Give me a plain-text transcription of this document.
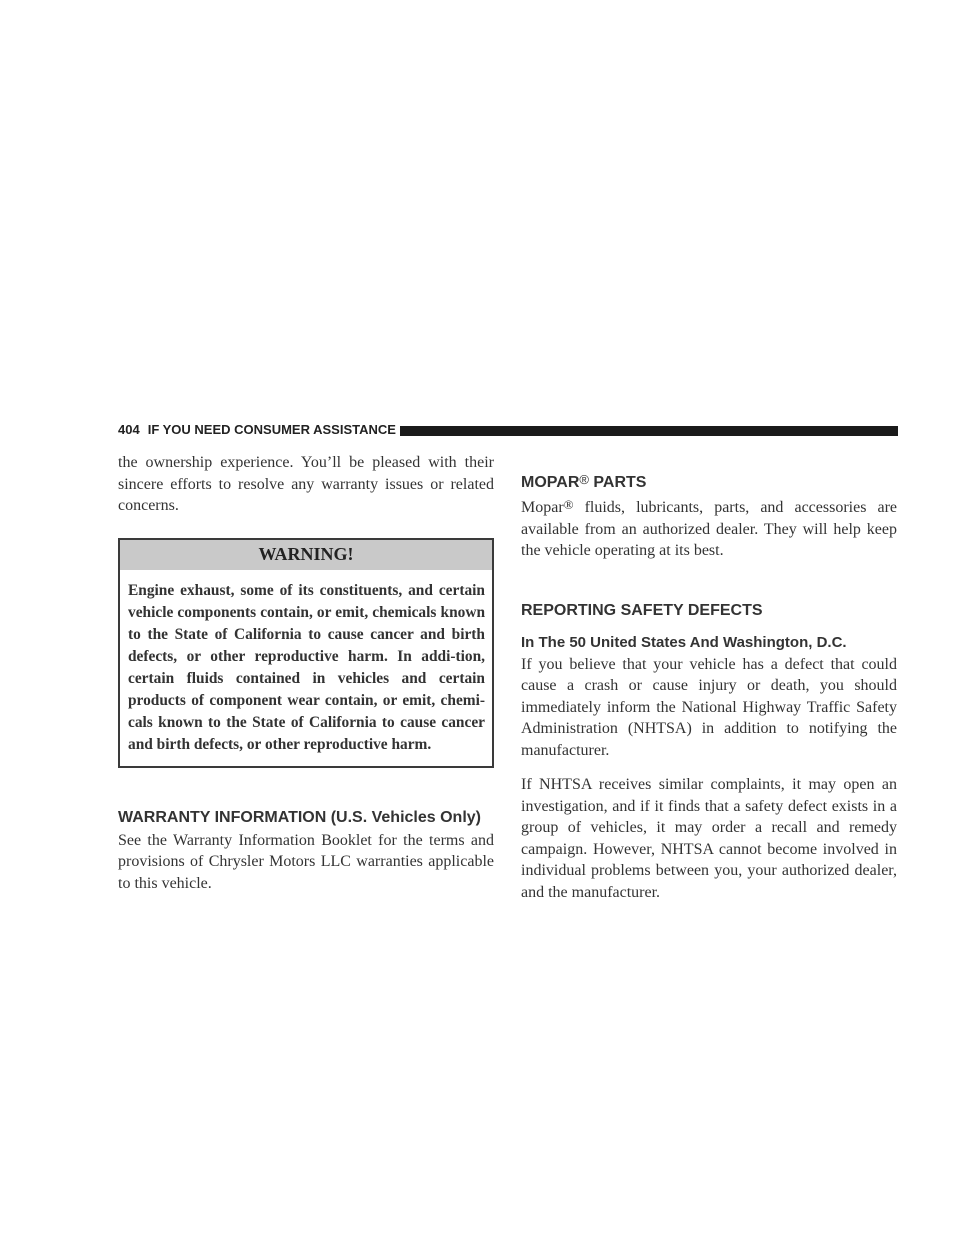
404 IF YOU NEED CONSUMER ASSISTANCE

the ownership experience. You’ll be pleased with their sincere efforts to resolve any warranty issues or related concerns.

WARNING!
Engine exhaust, some of its constituents, and certain vehicle components contain, or emit, chemicals known to the State of California to cause cancer and birth defects, or other reproductive harm. In addi-tion, certain fluids contained in vehicles and certain products of component wear contain, or emit, chemi-cals known to the State of California to cause cancer and birth defects, or other reproductive harm.
WARRANTY INFORMATION (U.S. Vehicles Only)

See the Warranty Information Booklet for the terms and provisions of Chrysler Motors LLC warranties applicable to this vehicle.

MOPAR® PARTS

Mopar® fluids, lubricants, parts, and accessories are available from an authorized dealer. They will help keep the vehicle operating at its best.

REPORTING SAFETY DEFECTS
In The 50 United States And Washington, D.C.

If you believe that your vehicle has a defect that could cause a crash or cause injury or death, you should immediately inform the National Highway Traffic Safety Administration (NHTSA) in addition to notifying the manufacturer.

If NHTSA receives similar complaints, it may open an investigation, and if it finds that a safety defect exists in a group of vehicles, it may order a recall and remedy campaign. However, NHTSA cannot become involved in individual problems between you, your authorized dealer, and the manufacturer.
